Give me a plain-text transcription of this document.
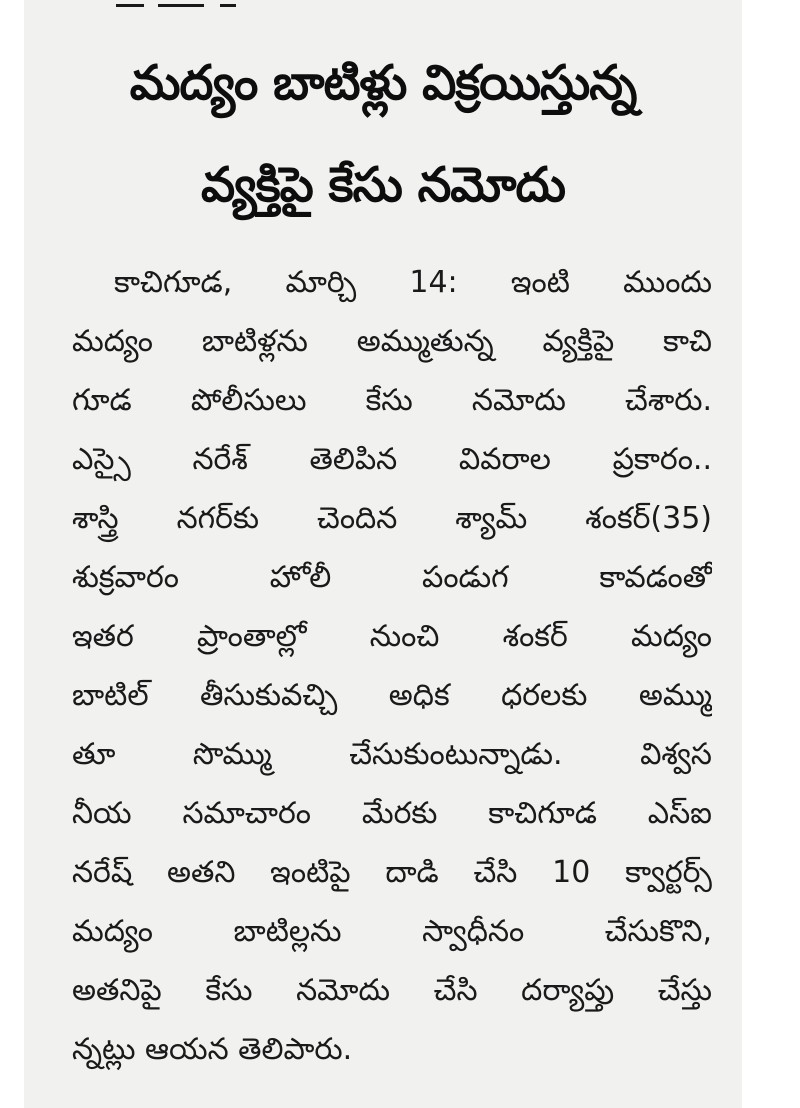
మద్యం బాటిళ్లు విక్రయిస్తున్న
వ్యక్తిపై కేసు నమోదు
కాచిగూడ, మార్చి 14: ఇంటి ముందు
మద్యం బాటిళ్లను అమ్ముతున్న వ్యక్తిపై కాచి
గూడ పోలీసులు కేసు నమోదు చేశారు.
ఎస్సై నరేశ్ తెలిపిన వివరాల ప్రకారం..
శాస్త్రి నగర్‌కు చెందిన శ్యామ్ శంకర్(35)
శుక్రవారం హోలీ పండుగ కావడంతో
ఇతర ప్రాంతాల్లో నుంచి శంకర్ మద్యం
బాటిల్ తీసుకువచ్చి అధిక ధరలకు అమ్ము
తూ సొమ్ము చేసుకుంటున్నాడు. విశ్వస
నీయ సమాచారం మేరకు కాచిగూడ ఎస్‌ఐ
నరేష్ అతని ఇంటిపై దాడి చేసి 10 క్వార్టర్స్
మద్యం బాటిల్లను స్వాధీనం చేసుకొని,
అతనిపై కేసు నమోదు చేసి దర్యాప్తు చేస్తు
న్నట్లు ఆయన తెలిపారు.
